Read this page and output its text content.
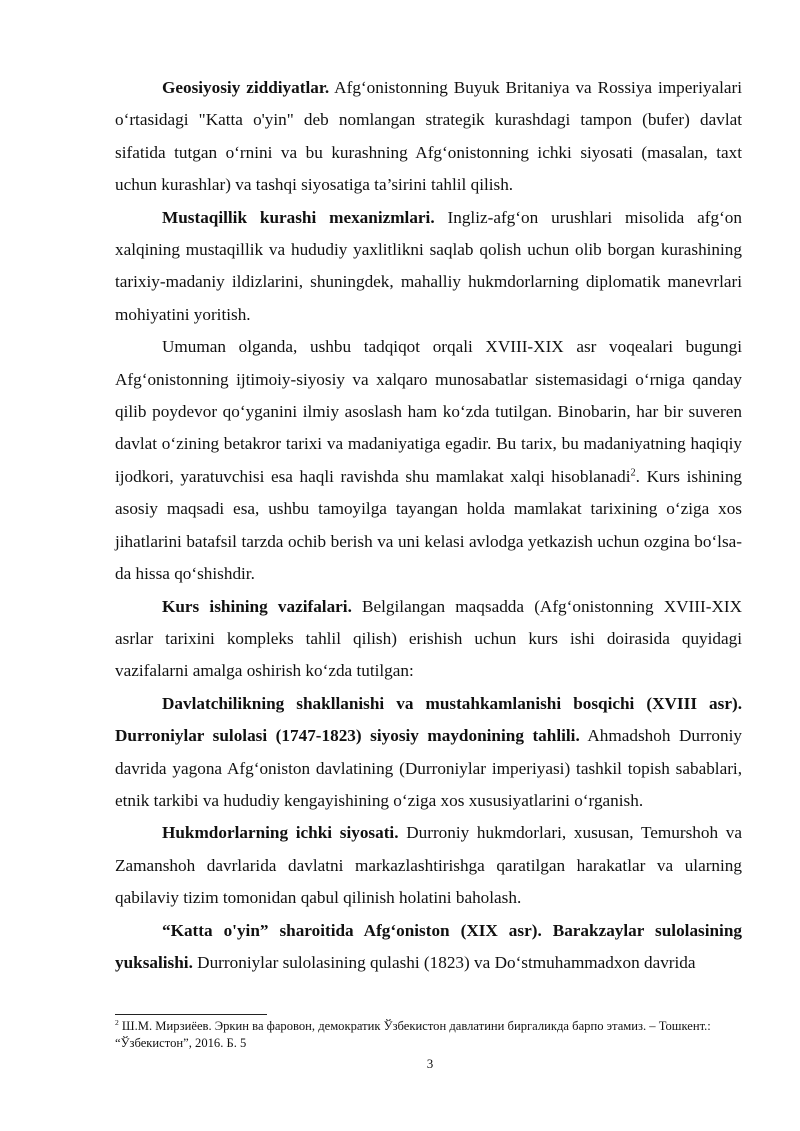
Geosiyosiy ziddiyatlar. Afg‘onistonning Buyuk Britaniya va Rossiya imperiyalari o‘rtasidagi "Katta o'yin" deb nomlangan strategik kurashdagi tampon (bufer) davlat sifatida tutgan o‘rnini va bu kurashning Afg‘onistonning ichki siyosati (masalan, taxt uchun kurashlar) va tashqi siyosatiga ta’sirini tahlil qilish.

Mustaqillik kurashi mexanizmlari. Ingliz-afg‘on urushlari misolida afg‘on xalqining mustaqillik va hududiy yaxlitlikni saqlab qolish uchun olib borgan kurashining tarixiy-madaniy ildizlarini, shuningdek, mahalliy hukmdorlarning diplomatik manevrlari mohiyatini yoritish.

Umuman olganda, ushbu tadqiqot orqali XVIII-XIX asr voqealari bugungi Afg‘onistonning ijtimoiy-siyosiy va xalqaro munosabatlar sistemasidagi o‘rniga qanday qilib poydevor qo‘yganini ilmiy asoslash ham ko‘zda tutilgan. Binobarin, har bir suveren davlat o‘zining betakror tarixi va madaniyatiga egadir. Bu tarix, bu madaniyatning haqiqiy ijodkori, yaratuvchisi esa haqli ravishda shu mamlakat xalqi hisoblanadi$^2$. Kurs ishining asosiy maqsadi esa, ushbu tamoyilga tayangan holda mamlakat tarixining o‘ziga xos jihatlarini batafsil tarzda ochib berish va uni kelasi avlodga yetkazish uchun ozgina bo‘lsa-da hissa qo‘shishdir.

Kurs ishining vazifalari. Belgilangan maqsadda (Afg‘onistonning XVIII-XIX asrlar tarixini kompleks tahlil qilish) erishish uchun kurs ishi doirasida quyidagi vazifalarni amalga oshirish ko‘zda tutilgan:

Davlatchilikning shakllanishi va mustahkamlanishi bosqichi (XVIII asr). Durroniylar sulolasi (1747-1823) siyosiy maydonining tahlili. Ahmadshoh Durroniy davrida yagona Afg‘oniston davlatining (Durroniylar imperiyasi) tashkil topish sabablari, etnik tarkibi va hududiy kengayishining o‘ziga xos xususiyatlarini o‘rganish.

Hukmdorlarning ichki siyosati. Durroniy hukmdorlari, xususan, Temurshoh va Zamanshoh davrlarida davlatni markazlashtirishga qaratilgan harakatlar va ularning qabilaviy tizim tomonidan qabul qilinish holatini baholash.

“Katta o'yin” sharoitida Afg‘oniston (XIX asr). Barakzaylar sulolasining yuksalishi. Durroniylar sulolasining qulashi (1823) va Do‘stmuhammadxon davrida

$^2$ Ш.М. Мирзиёев. Эркин ва фаровон, демократик Ўзбекистон давлатини биргаликда барпо этамиз. – Тошкент.: “Ўзбекистон”, 2016. Б. 5
3
